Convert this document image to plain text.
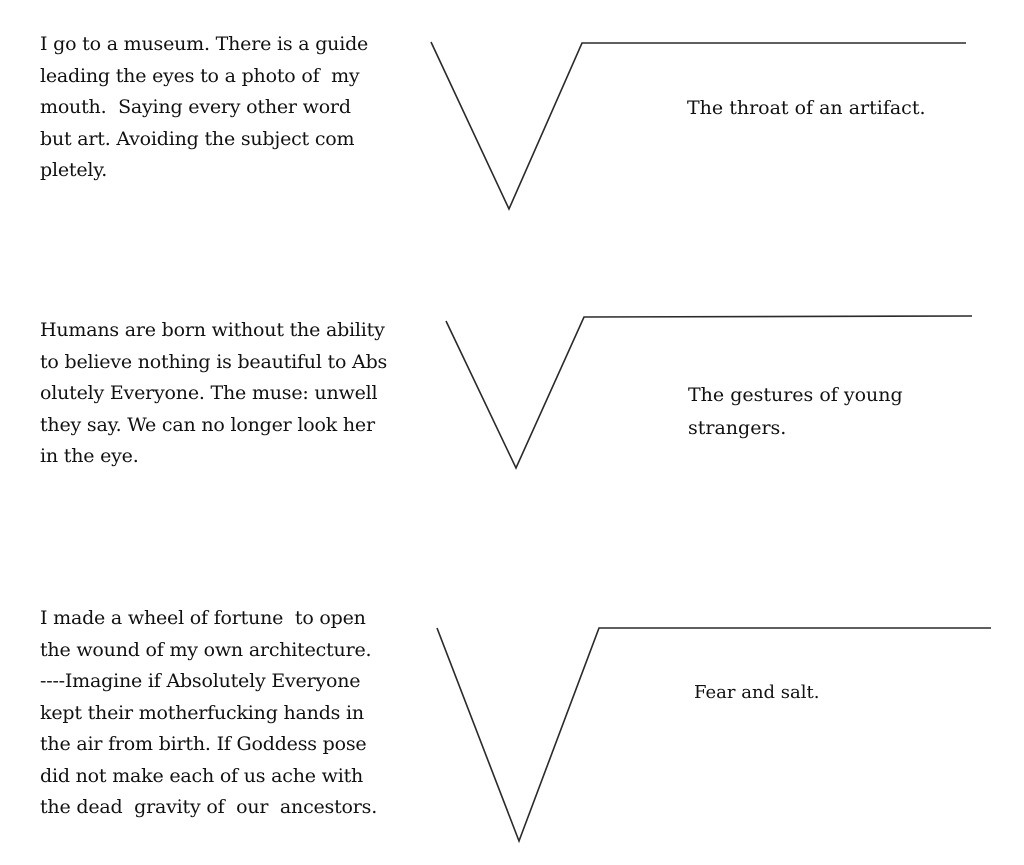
I go to a museum. There is a guide
leading the eyes to a photo of  my
mouth.  Saying every other word
but art. Avoiding the subject com
pletely.
The throat of an artifact.
Humans are born without the ability
to believe nothing is beautiful to Abs
olutely Everyone. The muse: unwell
they say. We can no longer look her
in the eye.
The gestures of young
strangers.
I made a wheel of fortune  to open
the wound of my own architecture.
----Imagine if Absolutely Everyone
kept their motherfucking hands in
the air from birth. If Goddess pose
did not make each of us ache with
the dead  gravity of  our  ancestors.
Fear and salt.
